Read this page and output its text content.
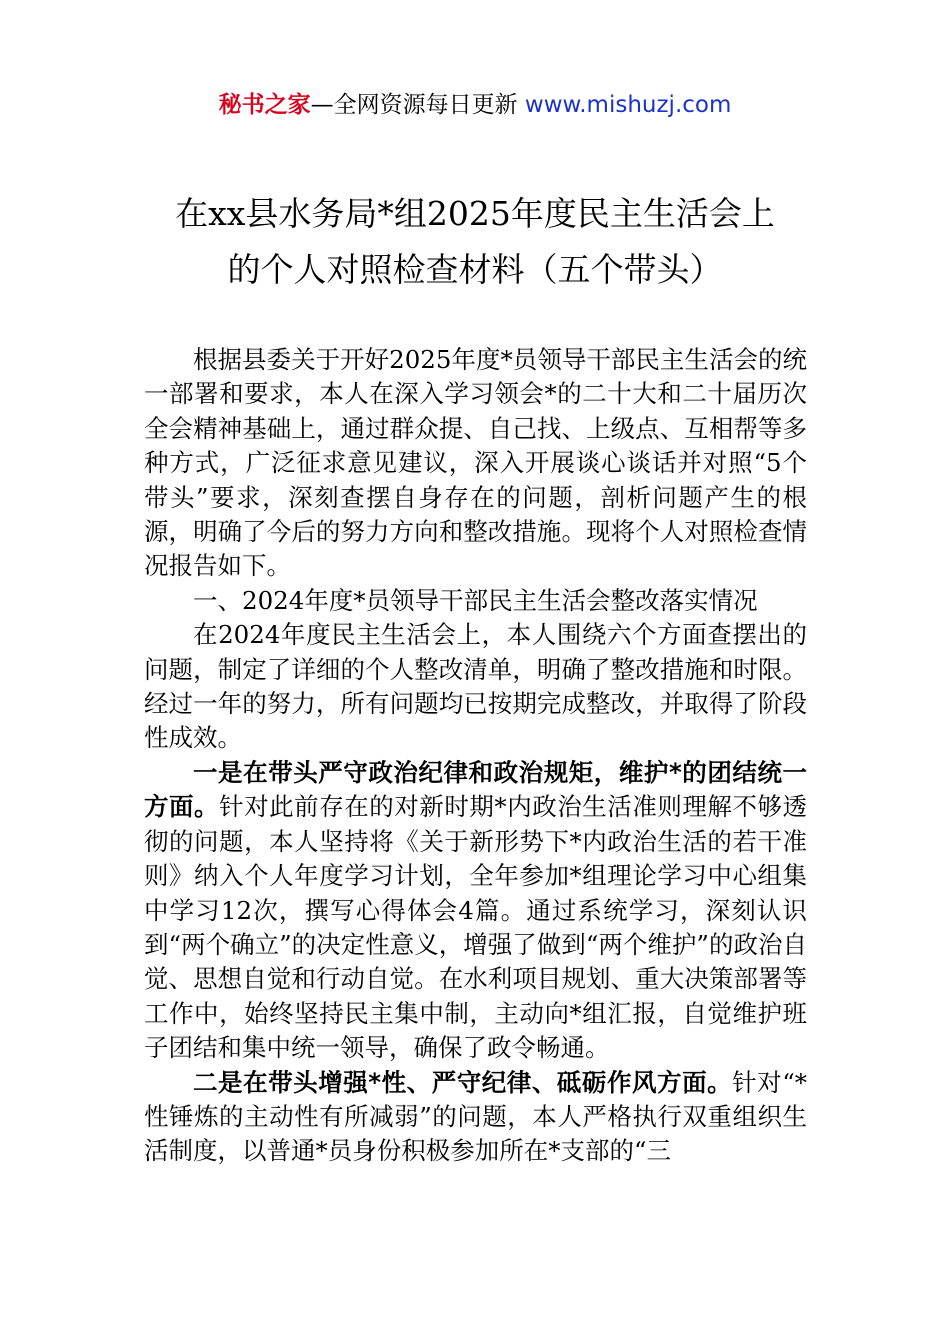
秘书之家—全网资源每日更新 www.mishuzj.com
在xx县水务局*组2025年度民主生活会上
的个人对照检查材料（五个带头）

根据县委关于开好2025年度*员领导干部民主生活会的统一部署和要求，本人在深入学习领会*的二十大和二十届历次全会精神基础上，通过群众提、自己找、上级点、互相帮等多种方式，广泛征求意见建议，深入开展谈心谈话并对照“5个带头”要求，深刻查摆自身存在的问题，剖析问题产生的根源，明确了今后的努力方向和整改措施。现将个人对照检查情况报告如下。

一、2024年度*员领导干部民主生活会整改落实情况

在2024年度民主生活会上，本人围绕六个方面查摆出的问题，制定了详细的个人整改清单，明确了整改措施和时限。经过一年的努力，所有问题均已按期完成整改，并取得了阶段性成效。

一是在带头严守政治纪律和政治规矩，维护*的团结统一方面。针对此前存在的对新时期*内政治生活准则理解不够透彻的问题，本人坚持将《关于新形势下*内政治生活的若干准则》纳入个人年度学习计划，全年参加*组理论学习中心组集中学习12次，撰写心得体会4篇。通过系统学习，深刻认识到“两个确立”的决定性意义，增强了做到“两个维护”的政治自觉、思想自觉和行动自觉。在水利项目规划、重大决策部署等工作中，始终坚持民主集中制，主动向*组汇报，自觉维护班子团结和集中统一领导，确保了政令畅通。

二是在带头增强*性、严守纪律、砥砺作风方面。针对“*性锤炼的主动性有所减弱”的问题，本人严格执行双重组织生活制度，以普通*员身份积极参加所在*支部的“三
